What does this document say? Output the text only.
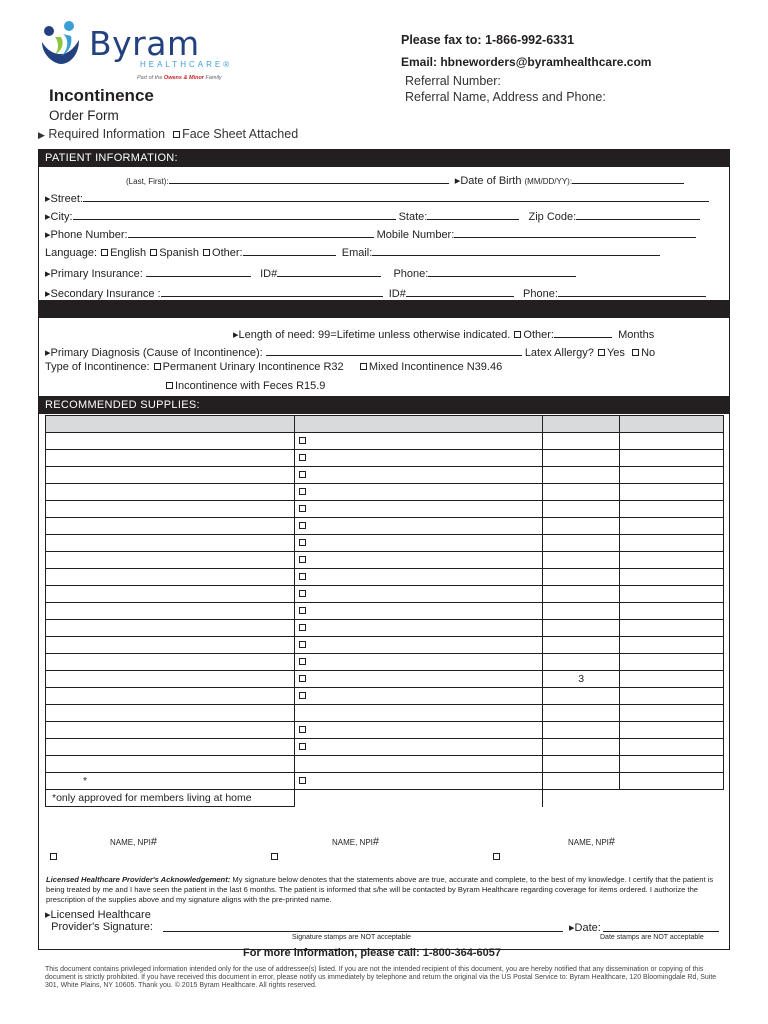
Byram
HEALTHCARE®
Part of the Owens & Minor Family
Incontinence
Order Form
▶ Required Information Face Sheet Attached
Please fax to: 1-866-992-6331
Email: hbneworders@byramhealthcare.com
Referral Number:
Referral Name, Address and Phone:
PATIENT INFORMATION:
(Last, First):	▸Date of Birth (MM/DD/YY):
▸Street:
▸City:	State:	Zip Code:
▸Phone Number:	Mobile Number:
Language: English Spanish Other:	Email:
▸Primary Insurance:	ID#	Phone:
▸Secondary Insurance :	ID#	Phone:
▸Length of need: 99=Lifetime unless otherwise indicated. Other:	Months
▸Primary Diagnosis (Cause of Incontinence):	Latex Allergy? Yes No
Type of Incontinence: Permanent Urinary Incontinence R32 Mixed Incontinence N39.46
Incontinence with Feces R15.9
RECOMMENDED SUPPLIES:

		3	

*			
*only approved for members living at home			
NAME, NPI#	NAME, NPI#	NAME, NPI#
Licensed Healthcare Provider's Acknowledgement: My signature below denotes that the statements above are true, accurate and complete, to the best of my knowledge. I certify that the patient is being treated by me and I have seen the patient in the last 6 months. The patient is informed that s/he will be contacted by Byram Healthcare regarding coverage for items ordered. I authorize the prescription of the supplies above and my signature aligns with the pre-printed name.
▸Licensed Healthcare
Provider's Signature:	▸Date:
Signature stamps are NOT acceptable	Date stamps are NOT acceptable
For more information, please call: 1-800-364-6057
This document contains privileged information intended only for the use of addressee(s) listed. If you are not the intended recipient of this document, you are hereby notified that any dissemination or copying of this document is strictly prohibited. If you have received this document in error, please notify us immediately by telephone and return the original via the US Postal Service to: Byram Healthcare, 120 Bloomingdale Rd, Suite 301, White Plains, NY 10605. Thank you. © 2015 Byram Healthcare. All rights reserved.
